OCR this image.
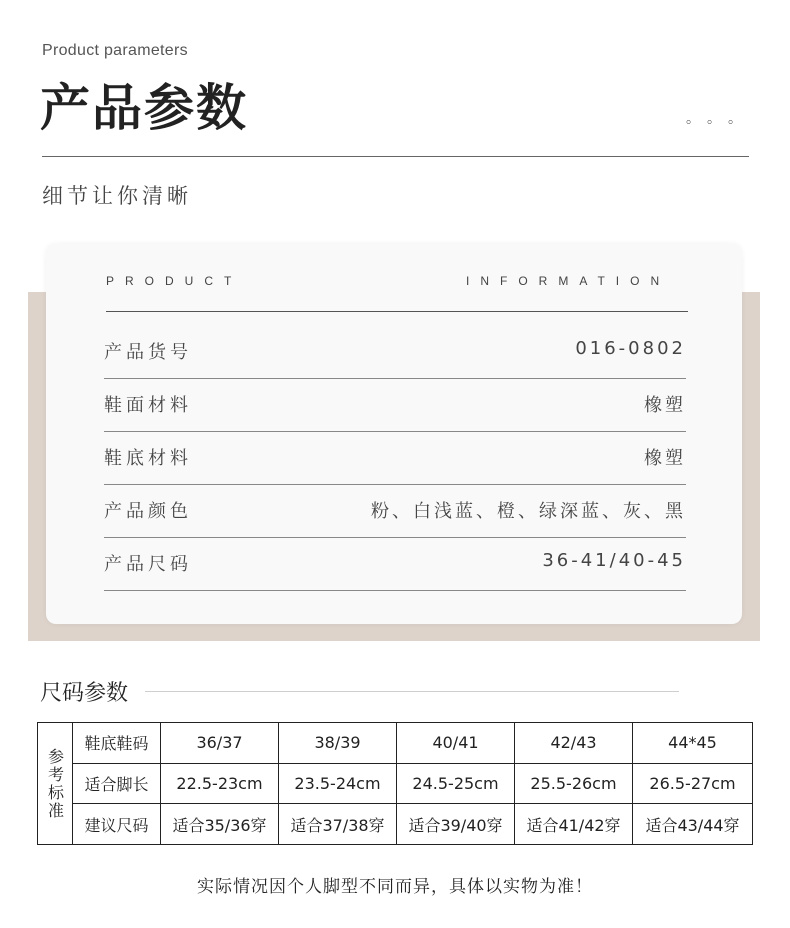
Product parameters
产品参数	。。。
细节让你清晰
PRODUCT	INFORMATION
产品货号	016-0802
鞋面材料	橡塑
鞋底材料	橡塑
产品颜色	粉、白浅蓝、橙、绿深蓝、灰、黑
产品尺码	36-41/40-45
尺码参数
参考标准	鞋底鞋码	36/37	38/39	40/41	42/43	44*45
	适合脚长	22.5-23cm	23.5-24cm	24.5-25cm	25.5-26cm	26.5-27cm
	建议尺码	适合35/36穿	适合37/38穿	适合39/40穿	适合41/42穿	适合43/44穿
实际情况因个人脚型不同而异，具体以实物为准！
